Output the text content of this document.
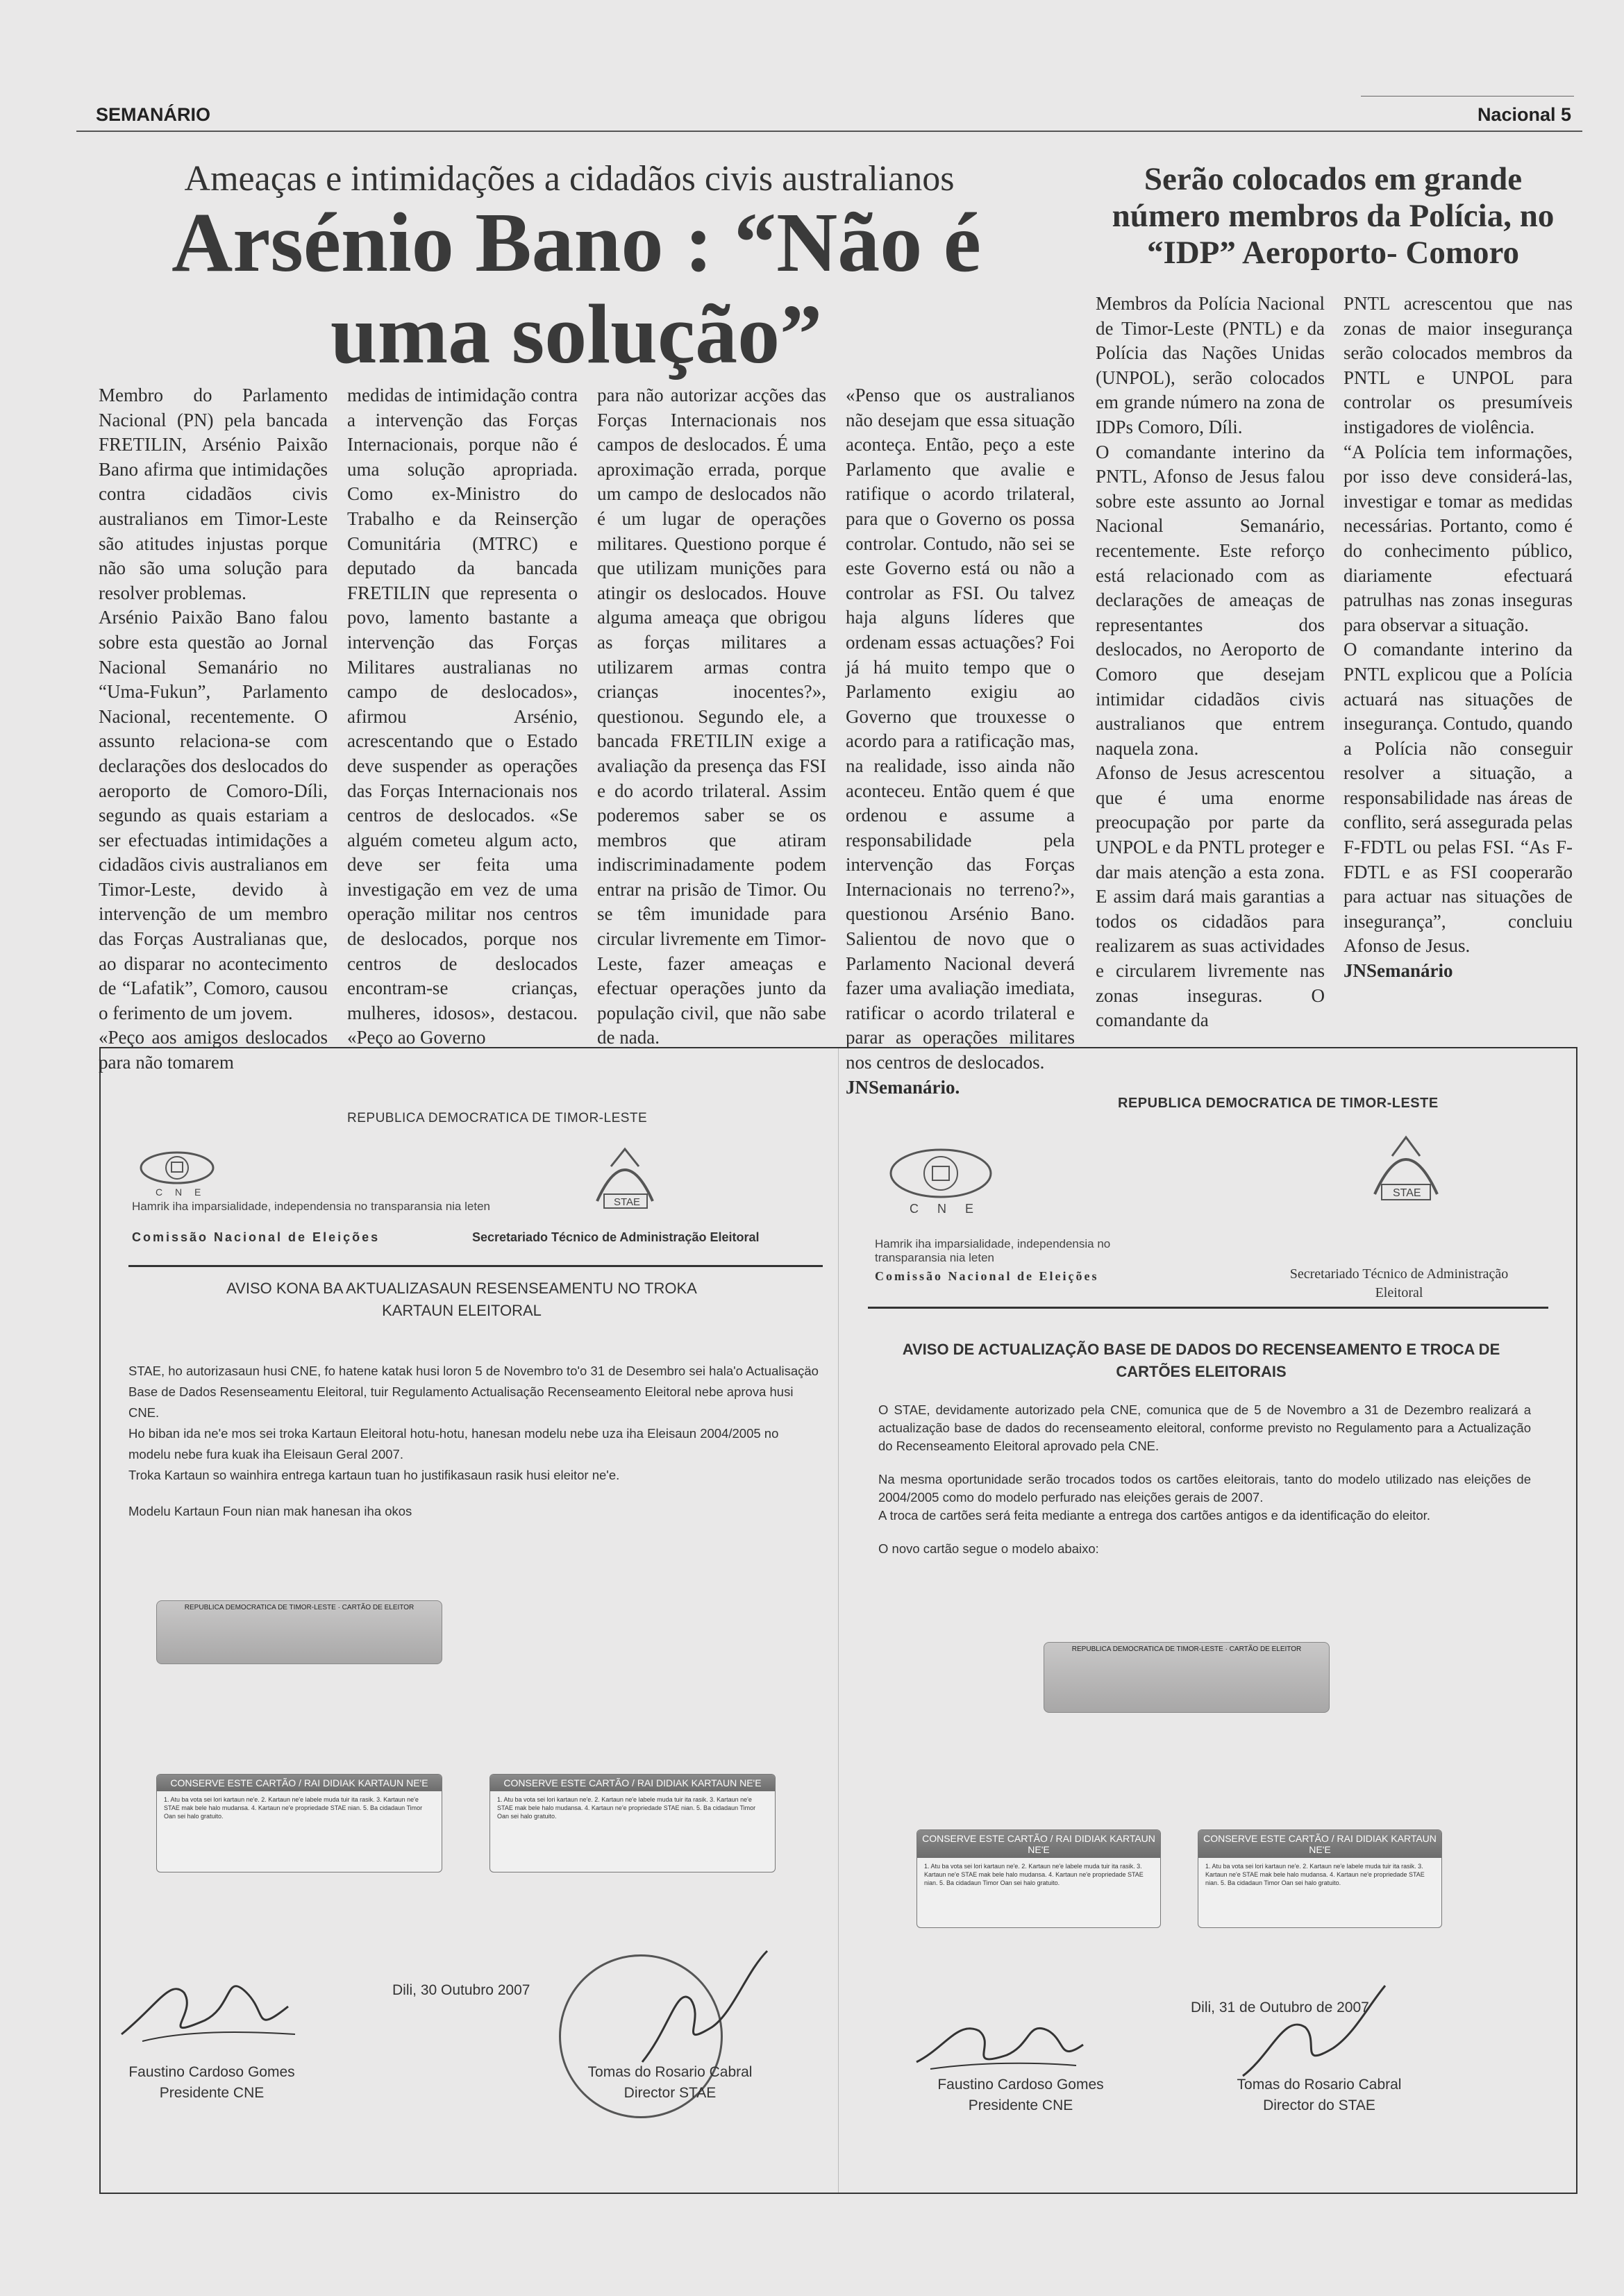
SEMANÁRIO	Nacional 5
Ameaças e intimidações a cidadãos civis australianos
Arsénio Bano : “Não é uma solução”

Membro do Parlamento Nacional (PN) pela bancada FRETILIN, Arsénio Paixão Bano afirma que intimidações contra cidadãos civis australianos em Timor-Leste são atitudes injustas porque não são uma solução para resolver problemas.

Arsénio Paixão Bano falou sobre esta questão ao Jornal Nacional Semanário no “Uma-Fukun”, Parlamento Nacional, recentemente. O assunto relaciona-se com declarações dos deslocados do aeroporto de Comoro-Díli, segundo as quais estariam a ser efectuadas intimidações a cidadãos civis australianos em Timor-Leste, devido à intervenção de um membro das Forças Australianas que, ao disparar no acontecimento de “Lafatik”, Comoro, causou o ferimento de um jovem.

«Peço aos amigos deslocados para não tomarem

medidas de intimidação contra a intervenção das Forças Internacionais, porque não é uma solução apropriada. Como ex-Ministro do Trabalho e da Reinserção Comunitária (MTRC) e deputado da bancada FRETILIN que representa o povo, lamento bastante a intervenção das Forças Militares australianas no campo de deslocados», afirmou Arsénio, acrescentando que o Estado deve suspender as operações das Forças Internacionais nos centros de deslocados. «Se alguém cometeu algum acto, deve ser feita uma investigação em vez de uma operação militar nos centros de deslocados, porque nos centros de deslocados encontram-se crianças, mulheres, idosos», destacou. «Peço ao Governo

para não autorizar acções das Forças Internacionais nos campos de deslocados. É uma aproximação errada, porque um campo de deslocados não é um lugar de operações militares. Questiono porque é que utilizam munições para atingir os deslocados. Houve alguma ameaça que obrigou as forças militares a utilizarem armas contra crianças inocentes?», questionou. Segundo ele, a bancada FRETILIN exige a avaliação da presença das FSI e do acordo trilateral. Assim poderemos saber se os membros que atiram indiscriminadamente podem entrar na prisão de Timor. Ou se têm imunidade para circular livremente em Timor-Leste, fazer ameaças e efectuar operações junto da população civil, que não sabe de nada.

«Penso que os australianos não desejam que essa situação aconteça. Então, peço a este Parlamento que avalie e ratifique o acordo trilateral, para que o Governo os possa controlar. Contudo, não sei se este Governo está ou não a controlar as FSI. Ou talvez haja alguns líderes que ordenam essas actuações? Foi já há muito tempo que o Parlamento exigiu ao Governo que trouxesse o acordo para a ratificação mas, na realidade, isso ainda não aconteceu. Então quem é que ordenou e assume a responsabilidade pela intervenção das Forças Internacionais no terreno?», questionou Arsénio Bano. Salientou de novo que o Parlamento Nacional deverá fazer uma avaliação imediata, ratificar o acordo trilateral e parar as operações militares nos centros de deslocados.

JNSemanário.

Serão colocados em grande número membros da Polícia, no “IDP” Aeroporto- Comoro

Membros da Polícia Nacional de Timor-Leste (PNTL) e da Polícia das Nações Unidas (UNPOL), serão colocados em grande número na zona de IDPs Comoro, Díli.

O comandante interino da PNTL, Afonso de Jesus falou sobre este assunto ao Jornal Nacional Semanário, recentemente. Este reforço está relacionado com as declarações de ameaças de representantes dos deslocados, no Aeroporto de Comoro que desejam intimidar cidadãos civis australianos que entrem naquela zona.

Afonso de Jesus acrescentou que é uma enorme preocupação por parte da UNPOL e da PNTL proteger e dar mais atenção a esta zona. E assim dará mais garantias a todos os cidadãos para realizarem as suas actividades e circularem livremente nas zonas inseguras. O comandante da

PNTL acrescentou que nas zonas de maior insegurança serão colocados membros da PNTL e UNPOL para controlar os presumíveis instigadores de violência.

“A Polícia tem informações, por isso deve considerá-las, investigar e tomar as medidas necessárias. Portanto, como é do conhecimento público, diariamente efectuará patrulhas nas zonas inseguras para observar a situação.

O comandante interino da PNTL explicou que a Polícia actuará nas situações de insegurança. Contudo, quando a Polícia não conseguir resolver a situação, a responsabilidade nas áreas de conflito, será assegurada pelas F-FDTL ou pelas FSI. “As F-FDTL e as FSI cooperarão para actuar nas situações de insegurança”, concluiu Afonso de Jesus.

JNSemanário

REPUBLICA DEMOCRATICA DE TIMOR-LESTE
C N E
Hamrik iha imparsialidade, independensia no transparansia nia leten
Comissão Nacional de Eleições
STAE
Secretariado Técnico de Administração Eleitoral
AVISO KONA BA AKTUALIZASAUN RESENSEAMENTU NO TROKA KARTAUN ELEITORAL

STAE, ho autorizasaun husi CNE, fo hatene katak husi loron 5 de Novembro to'o 31 de Desembro sei hala'o Actualisaçäo Base de Dados Resenseamentu Eleitoral, tuir Regulamento Actualisação Recenseamento Eleitoral nebe aprova husi CNE.

Ho biban ida ne'e mos sei troka Kartaun Eleitoral hotu-hotu, hanesan modelu nebe uza iha Eleisaun 2004/2005 no modelu nebe fura kuak iha Eleisaun Geral 2007.

Troka Kartaun so wainhira entrega kartaun tuan ho justifikasaun rasik husi eleitor ne'e.

Modelu Kartaun Foun nian mak hanesan iha okos

REPUBLICA DEMOCRATICA DE TIMOR-LESTE · CARTÃO DE ELEITOR
CONSERVE ESTE CARTÃO / RAI DIDIAK KARTAUN NE'E
1. Atu ba vota sei lori kartaun ne'e. 2. Kartaun ne'e labele muda tuir ita rasik. 3. Kartaun ne'e STAE mak bele halo mudansa. 4. Kartaun ne'e propriedade STAE nian. 5. Ba cidadaun Timor Oan sei halo gratuito.
CONSERVE ESTE CARTÃO / RAI DIDIAK KARTAUN NE'E
1. Atu ba vota sei lori kartaun ne'e. 2. Kartaun ne'e labele muda tuir ita rasik. 3. Kartaun ne'e STAE mak bele halo mudansa. 4. Kartaun ne'e propriedade STAE nian. 5. Ba cidadaun Timor Oan sei halo gratuito.
Dili, 30 Outubro 2007
Faustino Cardoso Gomes
Presidente CNE
Tomas do Rosario Cabral
Director STAE
REPUBLICA DEMOCRATICA DE TIMOR-LESTE
C N E
Hamrik iha imparsialidade, independensia no transparansia nia leten
Comissão Nacional de Eleições
STAE
Secretariado Técnico de Administração Eleitoral
AVISO DE ACTUALIZAÇÃO BASE DE DADOS DO RECENSEAMENTO E TROCA DE CARTÕES ELEITORAIS

O STAE, devidamente autorizado pela CNE, comunica que de 5 de Novembro a 31 de Dezembro realizará a actualização base de dados do recenseamento eleitoral, conforme previsto no Regulamento para a Actualização do Recenseamento Eleitoral aprovado pela CNE.

Na mesma oportunidade serão trocados todos os cartões eleitorais, tanto do modelo utilizado nas eleições de 2004/2005 como do modelo perfurado nas eleições gerais de 2007.

A troca de cartões será feita mediante a entrega dos cartões antigos e da identificação do eleitor.

O novo cartão segue o modelo abaixo:

REPUBLICA DEMOCRATICA DE TIMOR-LESTE · CARTÃO DE ELEITOR
CONSERVE ESTE CARTÃO / RAI DIDIAK KARTAUN NE'E
1. Atu ba vota sei lori kartaun ne'e. 2. Kartaun ne'e labele muda tuir ita rasik. 3. Kartaun ne'e STAE mak bele halo mudansa. 4. Kartaun ne'e propriedade STAE nian. 5. Ba cidadaun Timor Oan sei halo gratuito.
CONSERVE ESTE CARTÃO / RAI DIDIAK KARTAUN NE'E
1. Atu ba vota sei lori kartaun ne'e. 2. Kartaun ne'e labele muda tuir ita rasik. 3. Kartaun ne'e STAE mak bele halo mudansa. 4. Kartaun ne'e propriedade STAE nian. 5. Ba cidadaun Timor Oan sei halo gratuito.
Dili, 31 de Outubro de 2007
Faustino Cardoso Gomes
Presidente CNE
Tomas do Rosario Cabral
Director do STAE
